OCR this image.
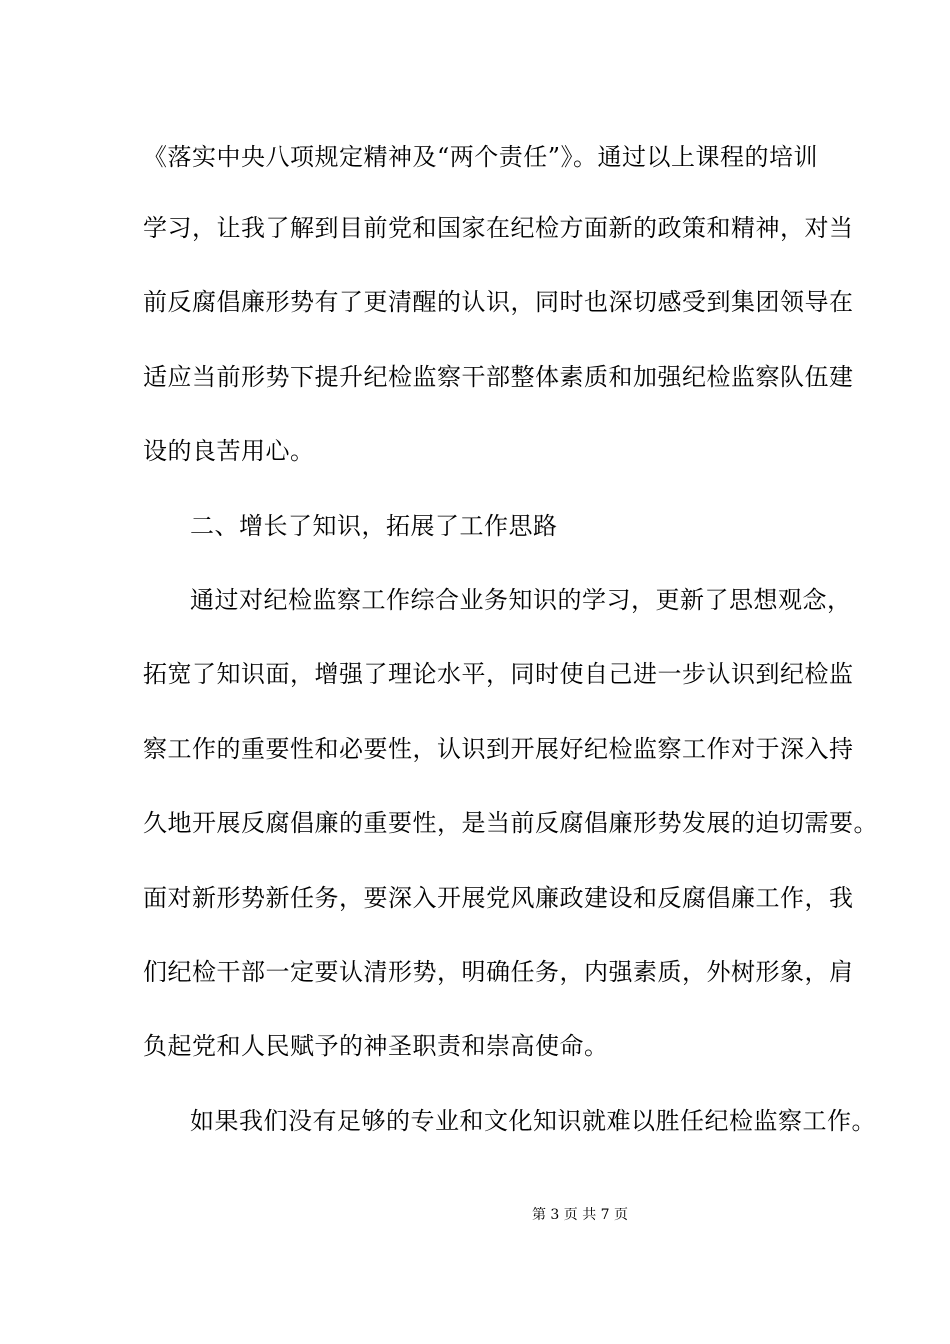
《落实中央八项规定精神及“两个责任”》。通过以上课程的培训
学习，让我了解到目前党和国家在纪检方面新的政策和精神，对当
前反腐倡廉形势有了更清醒的认识，同时也深切感受到集团领导在
适应当前形势下提升纪检监察干部整体素质和加强纪检监察队伍建
设的良苦用心。
二、增长了知识，拓展了工作思路
通过对纪检监察工作综合业务知识的学习，更新了思想观念，
拓宽了知识面，增强了理论水平，同时使自己进一步认识到纪检监
察工作的重要性和必要性，认识到开展好纪检监察工作对于深入持
久地开展反腐倡廉的重要性，是当前反腐倡廉形势发展的迫切需要。
面对新形势新任务，要深入开展党风廉政建设和反腐倡廉工作，我
们纪检干部一定要认清形势，明确任务，内强素质，外树形象，肩
负起党和人民赋予的神圣职责和崇高使命。
如果我们没有足够的专业和文化知识就难以胜任纪检监察工作。
第 3 页 共 7 页
